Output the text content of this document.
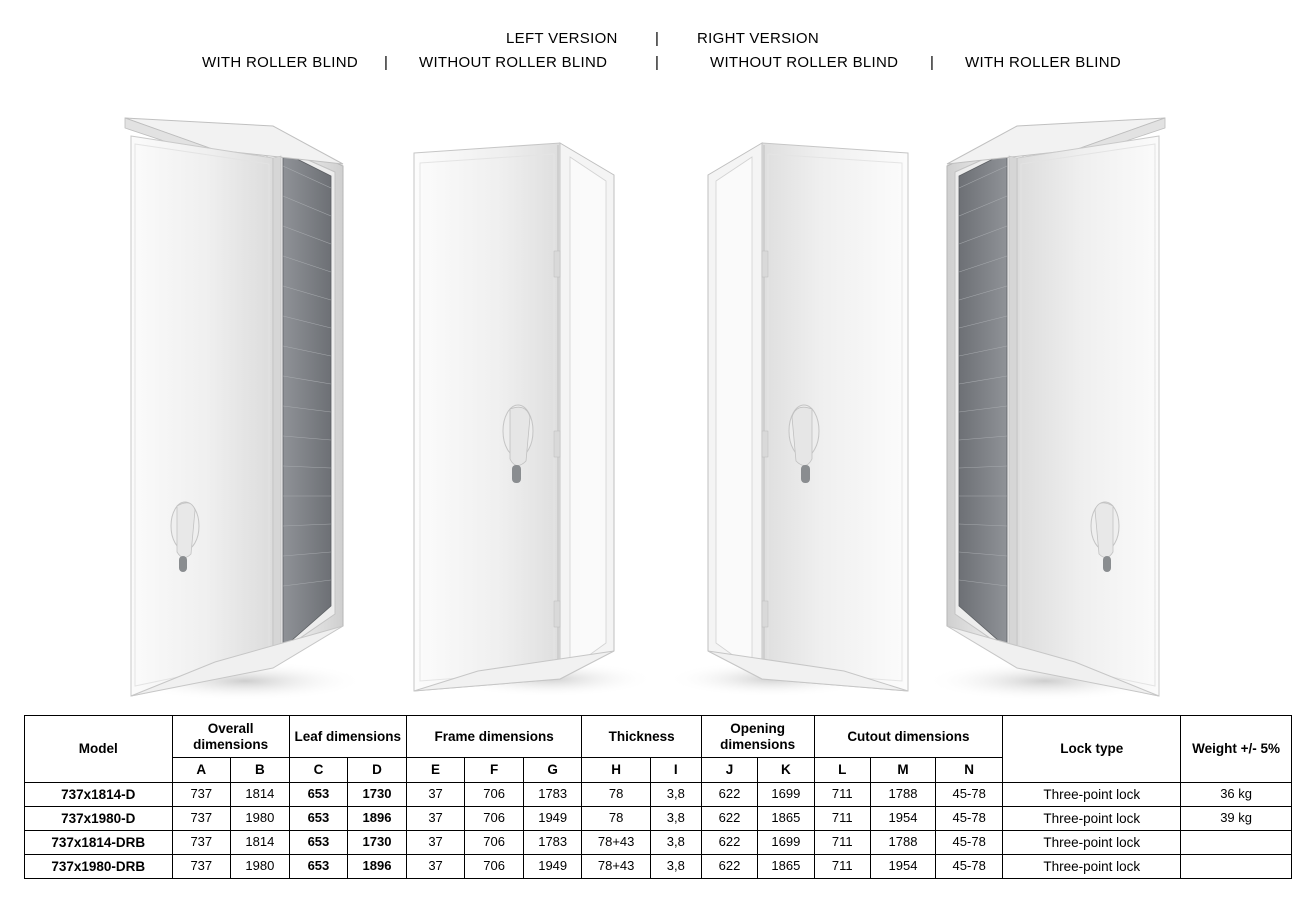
LEFT VERSION |	RIGHT VERSION
WITH ROLLER BLIND | WITHOUT ROLLER BLIND	|	WITHOUT ROLLER BLIND | WITH ROLLER BLIND
Model	Overall dimensions		Leaf dimensions		Frame dimensions			Thickness		Opening dimensions		Cutout dimensions			Lock type	Weight +/- 5%
	A	B	C	D	E	F	G	H	I	J	K	L	M	N		
737x1814-D	737	1814	653	1730	37	706	1783	78	3,8	622	1699	711	1788	45-78	Three-point lock	36 kg
737x1980-D	737	1980	653	1896	37	706	1949	78	3,8	622	1865	711	1954	45-78	Three-point lock	39 kg
737x1814-DRB	737	1814	653	1730	37	706	1783	78+43	3,8	622	1699	711	1788	45-78	Three-point lock	
737x1980-DRB	737	1980	653	1896	37	706	1949	78+43	3,8	622	1865	711	1954	45-78	Three-point lock	
